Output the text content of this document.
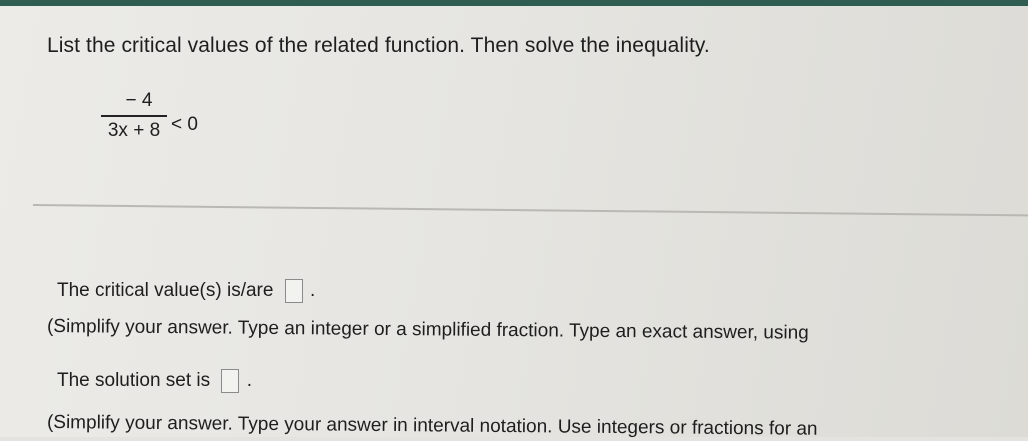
List the critical values of the related function. Then solve the inequality.
− 4
3x + 8 < 0
The critical value(s) is/are .
(Simplify your answer. Type an integer or a simplified fraction. Type an exact answer, using
The solution set is .
(Simplify your answer. Type your answer in interval notation. Use integers or fractions for an
